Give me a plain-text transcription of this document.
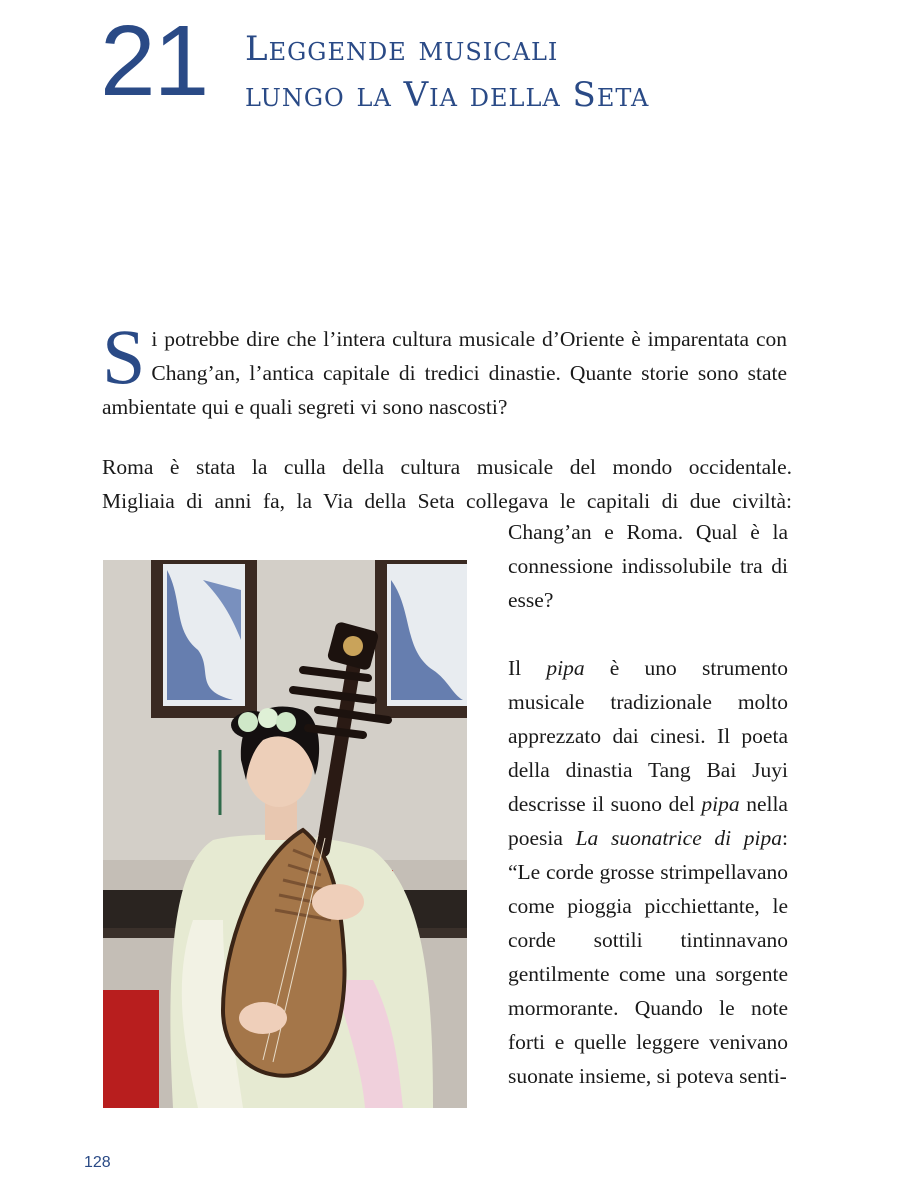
21 Leggende musicali
lungo la Via della Seta
Si potrebbe dire che l’intera cultura musicale d’Oriente è imparentata con Chang’an, l’antica capitale di tredici dinastie. Quante storie sono state ambientate qui e quali segreti vi sono nascosti?
Roma è stata la culla della cultura musicale del mondo occidentale.
Migliaia di anni fa, la Via della Seta collegava le capitali di due civiltà:

Chang’an e Roma. Qual è la connessione indissolubile tra di esse?

Il pipa è uno strumento musicale tradizionale molto apprezzato dai cinesi. Il poeta della dinastia Tang Bai Juyi descrisse il suono del pipa nella poesia La suonatrice di pipa: “Le corde grosse strimpellavano come pioggia picchiettante, le corde sottili tintinnavano gentilmente come una sorgente mormorante. Quando le note forti e quelle leggere venivano suonate insieme, si poteva senti-

128
